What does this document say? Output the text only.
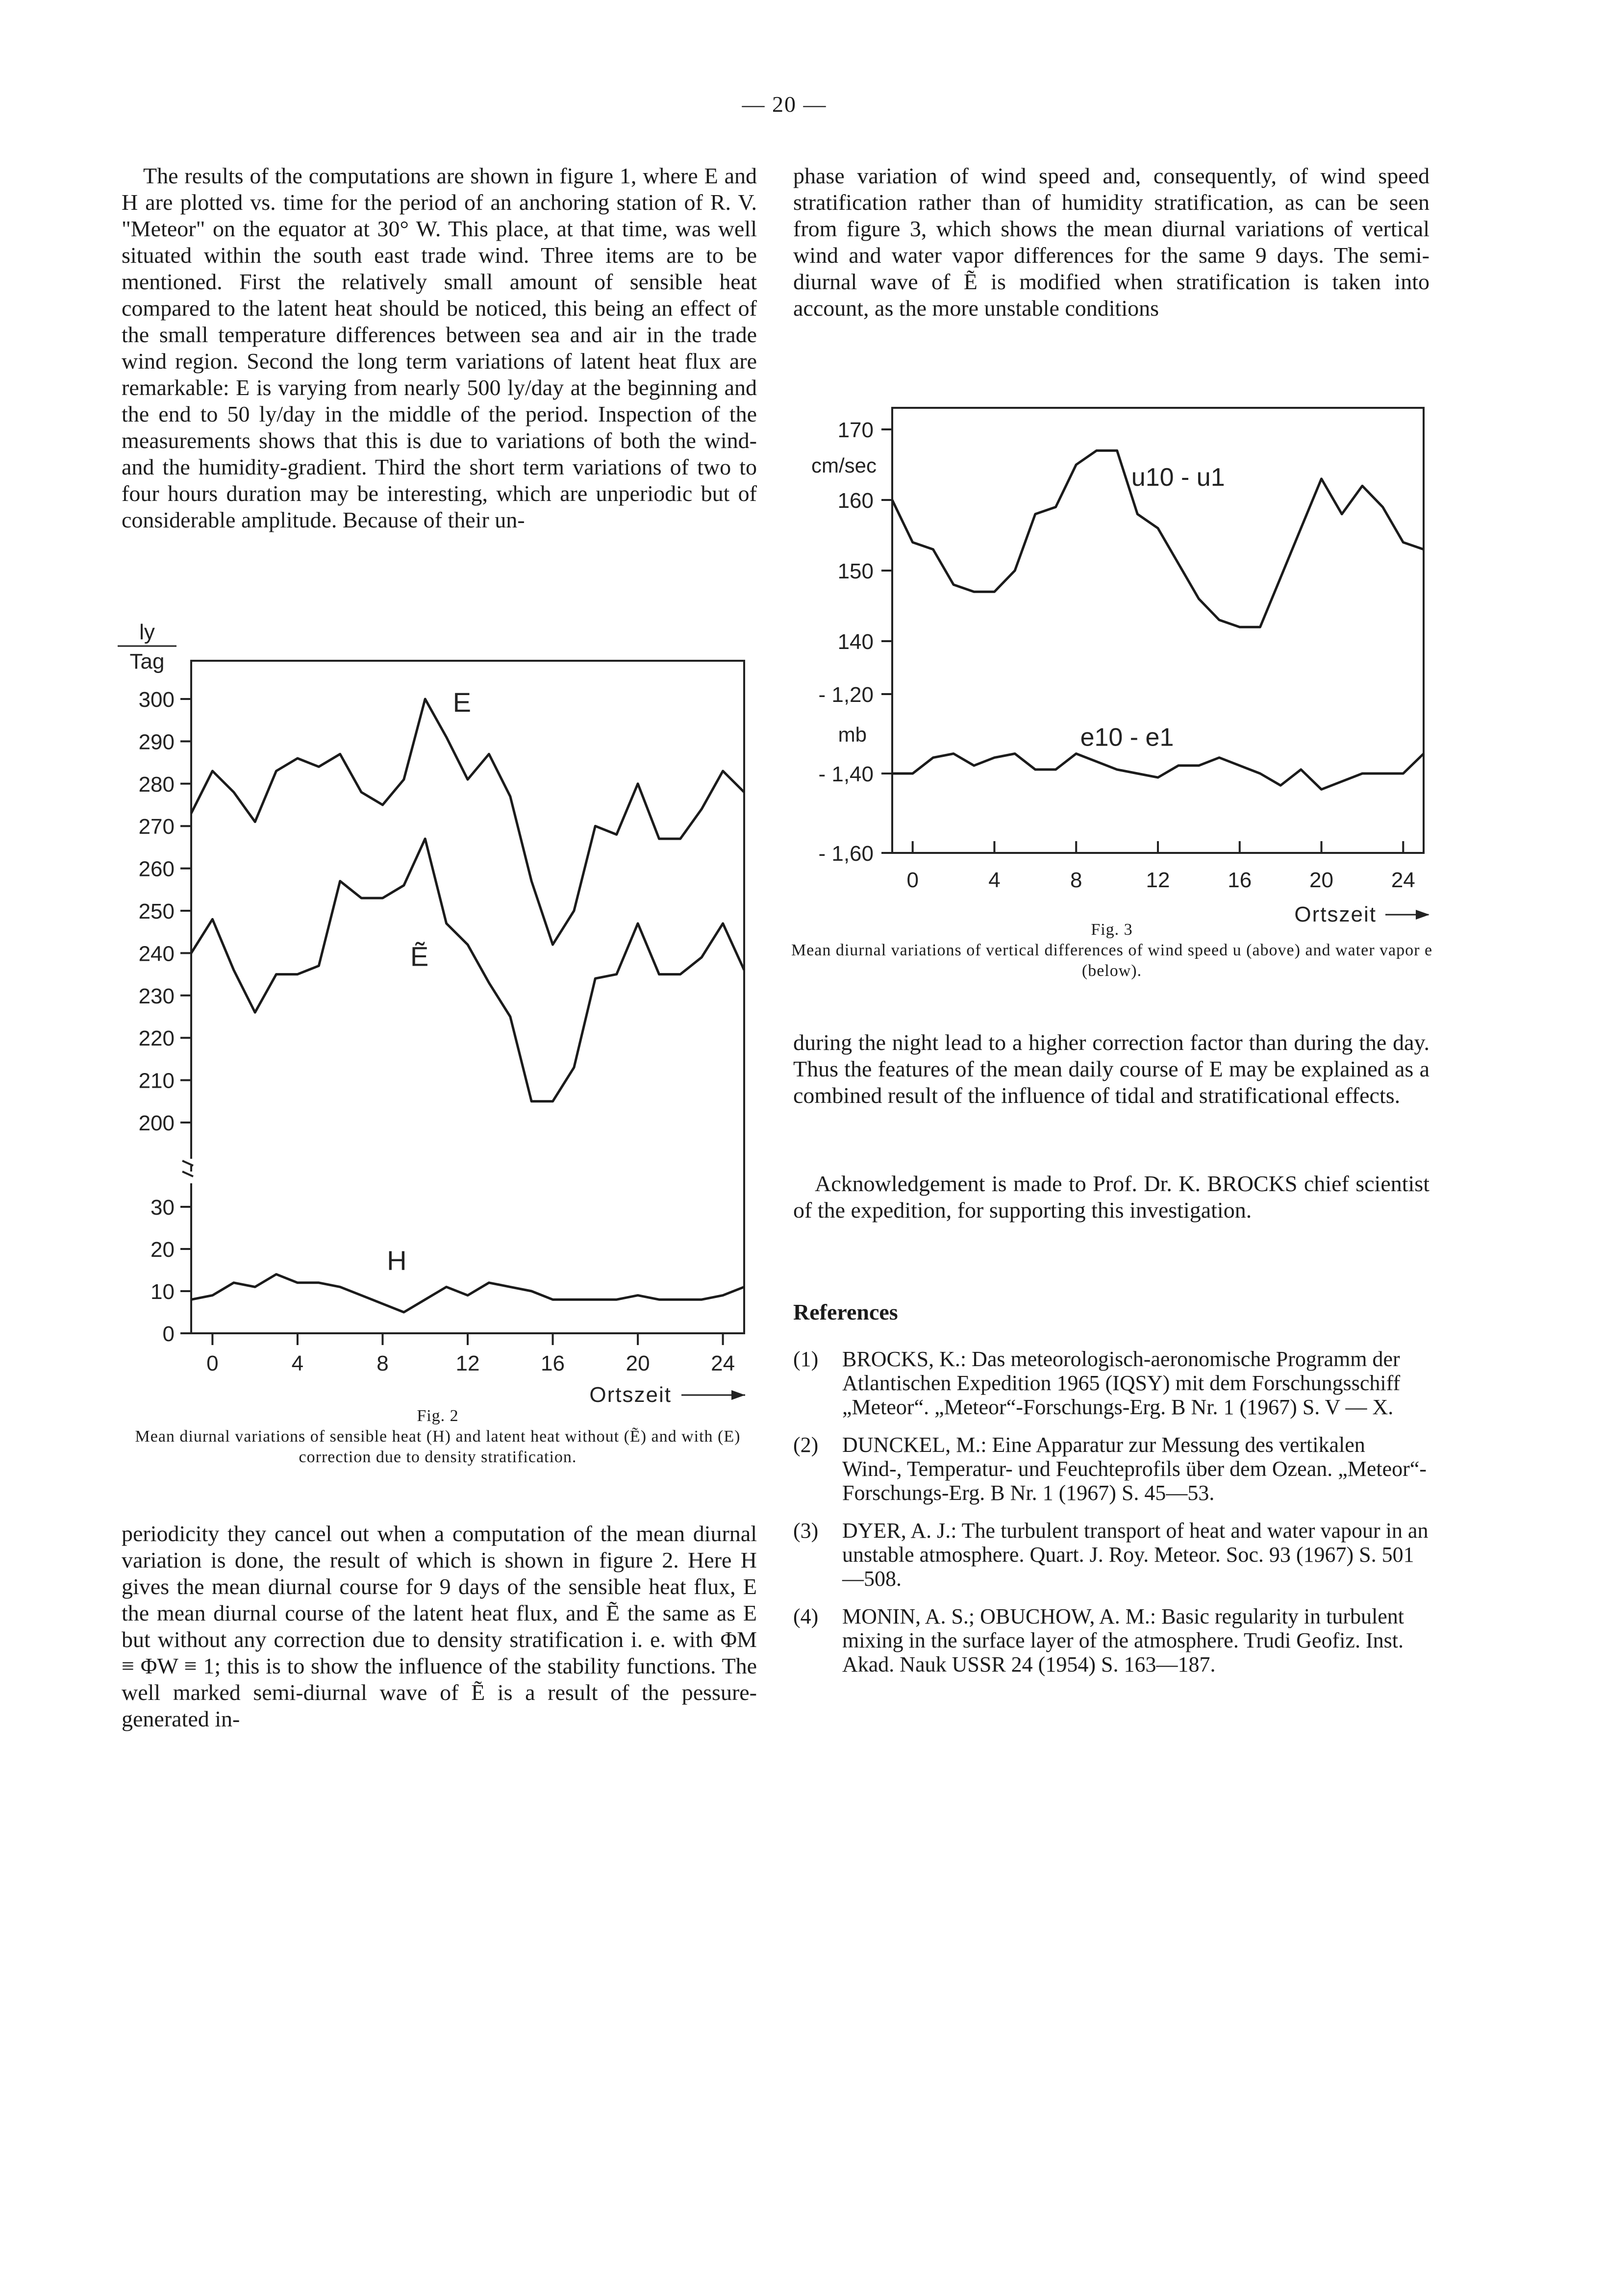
— 20 —

The results of the computations are shown in figure 1, where E and H are plotted vs. time for the period of an anchoring station of R. V. "Meteor" on the equator at 30° W. This place, at that time, was well situated within the south east trade wind. Three items are to be mentioned. First the relatively small amount of sensible heat compared to the latent heat should be noticed, this being an effect of the small temperature differences between sea and air in the trade wind region. Second the long term variations of latent heat flux are remarkable: E is varying from nearly 500 ly/day at the beginning and the end to 50 ly/day in the middle of the period. Inspection of the measurements shows that this is due to variations of both the wind- and the humidity-gradient. Third the short term variations of two to four hours duration may be interesting, which are unperiodic but of considerable amplitude. Because of their un-

ly
Tag
200
210
220
230
240
250
260
270
280
290
300
0
10
20
30
0	4	8	12	16	20	24
Ortszeit
E
Ẽ
H
Fig. 2
Mean diurnal variations of sensible heat (H) and latent heat without (Ẽ) and with (E) correction due to density stratification.

periodicity they cancel out when a computation of the mean diurnal variation is done, the result of which is shown in figure 2. Here H gives the mean diurnal course for 9 days of the sensible heat flux, E the mean diurnal course of the latent heat flux, and Ẽ the same as E but without any correction due to density stratification i. e. with ΦM ≡ ΦW ≡ 1; this is to show the influence of the stability functions. The well marked semi-diurnal wave of Ẽ is a result of the pessure-generated in-

phase variation of wind speed and, consequently, of wind speed stratification rather than of humidity stratification, as can be seen from figure 3, which shows the mean diurnal variations of vertical wind and water vapor differences for the same 9 days. The semi-diurnal wave of Ẽ is modified when stratification is taken into account, as the more unstable conditions

140
150
160
170
cm/sec
- 1,20
- 1,40
- 1,60
mb
0	4	8	12	16	20	24
Ortszeit
u10 - u1
e10 - e1
Fig. 3
Mean diurnal variations of vertical differences of wind speed u (above) and water vapor e (below).

during the night lead to a higher correction factor than during the day. Thus the features of the mean daily course of E may be explained as a combined result of the influence of tidal and stratificational effects.

Acknowledgement is made to Prof. Dr. K. BROCKS chief scientist of the expedition, for supporting this investigation.

References
(1) BROCKS, K.: Das meteorologisch-aeronomische Programm der Atlantischen Expedition 1965 (IQSY) mit dem Forschungsschiff „Meteor“. „Meteor“-Forschungs-Erg. B Nr. 1 (1967) S. V — X.
(2) DUNCKEL, M.: Eine Apparatur zur Messung des vertikalen Wind-, Temperatur- und Feuchteprofils über dem Ozean. „Meteor“-Forschungs-Erg. B Nr. 1 (1967) S. 45—53.
(3) DYER, A. J.: The turbulent transport of heat and water vapour in an unstable atmosphere. Quart. J. Roy. Meteor. Soc. 93 (1967) S. 501—508.
(4) MONIN, A. S.; OBUCHOW, A. M.: Basic regularity in turbulent mixing in the surface layer of the atmosphere. Trudi Geofiz. Inst. Akad. Nauk USSR 24 (1954) S. 163—187.
